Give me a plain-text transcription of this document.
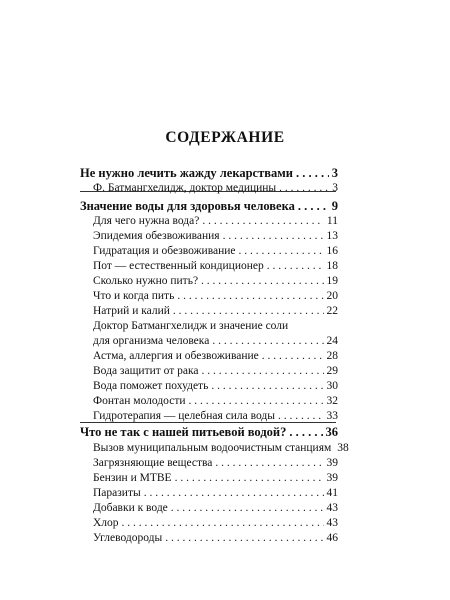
СОДЕРЖАНИЕ
Не нужно лечить жажду лекарствами . . .	3
Ф. Батмангхелидж, доктор медицины . . .	3
Значение воды для здоровья человека . . .	9
Для чего нужна вода? . . .	11
Эпидемия обезвоживания . . .	13
Гидратация и обезвоживание . . .	16
Пот — естественный кондиционер . . .	18
Сколько нужно пить? . . .	19
Что и когда пить . . .	20
Натрий и калий . . .	22
Доктор Батмангхелидж и значение соли
для организма человека . . .	24
Астма, аллергия и обезвоживание . . .	28
Вода защитит от рака . . .	29
Вода поможет похудеть . . .	30
Фонтан молодости . . .	32
Гидротерапия — целебная сила воды . . .	33
Что не так с нашей питьевой водой? . . .	36
Вызов муниципальным водоочистным станциям 38
Загрязняющие вещества . . .	39
Бензин и МТВЕ . . .	39
Паразиты . . .	41
Добавки к воде . . .	43
Хлор . . .	43
Углеводороды . . .	46
